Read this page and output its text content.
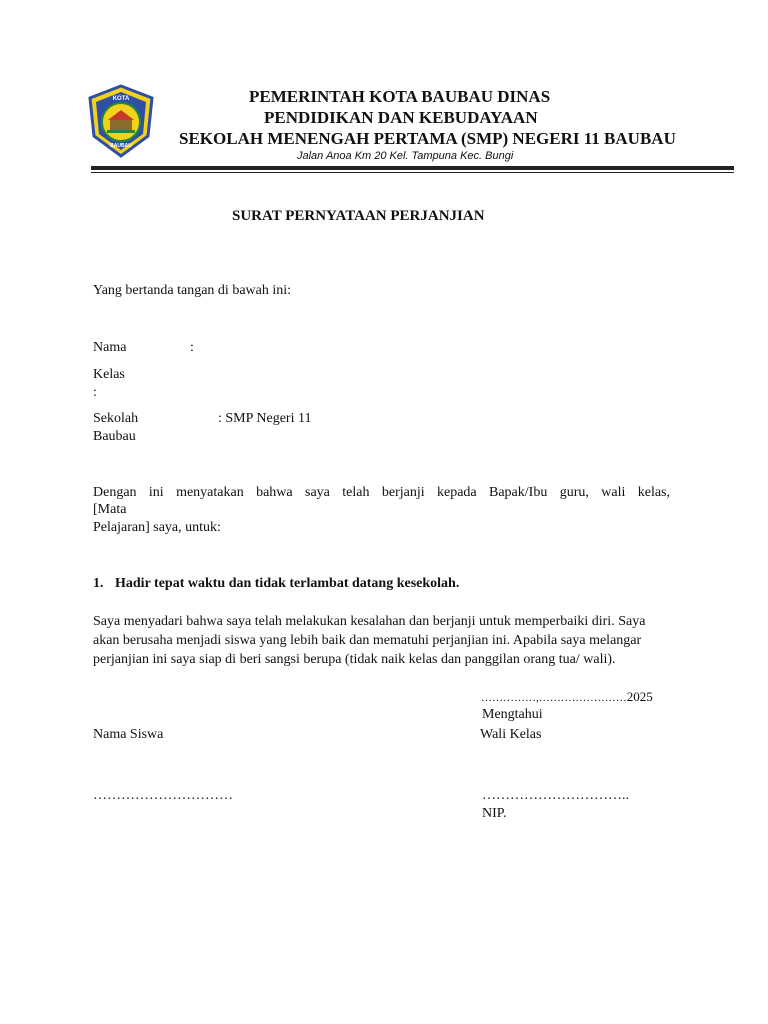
KOTA
BAUBAU
PEMERINTAH KOTA BAUBAU DINAS
PENDIDIKAN DAN KEBUDAYAAN
SEKOLAH MENENGAH PERTAMA (SMP) NEGERI 11 BAUBAU
Jalan Anoa Km 20 Kel. Tampuna Kec. Bungi
SURAT PERNYATAAN PERJANJIAN
Yang bertanda tangan di bawah ini:
Nama	:
Kelas
:
Sekolah	: SMP Negeri 11
Baubau
Dengan ini menyatakan bahwa saya telah berjanji kepada Bapak/Ibu guru, wali kelas,
[Mata
Pelajaran] saya, untuk:
1. Hadir tepat waktu dan tidak terlambat datang kesekolah.
Saya menyadari bahwa saya telah melakukan kesalahan dan berjanji untuk memperbaiki diri. Saya
akan berusaha menjadi siswa yang lebih baik dan mematuhi perjanjian ini. Apabila saya melangar
perjanjian ini saya siap di beri sangsi berupa (tidak naik kelas dan panggilan orang tua/ wali).
……………,……………………2025
Mengtahui
Nama Siswa	Wali Kelas
…………………………	…………………………..
NIP.
